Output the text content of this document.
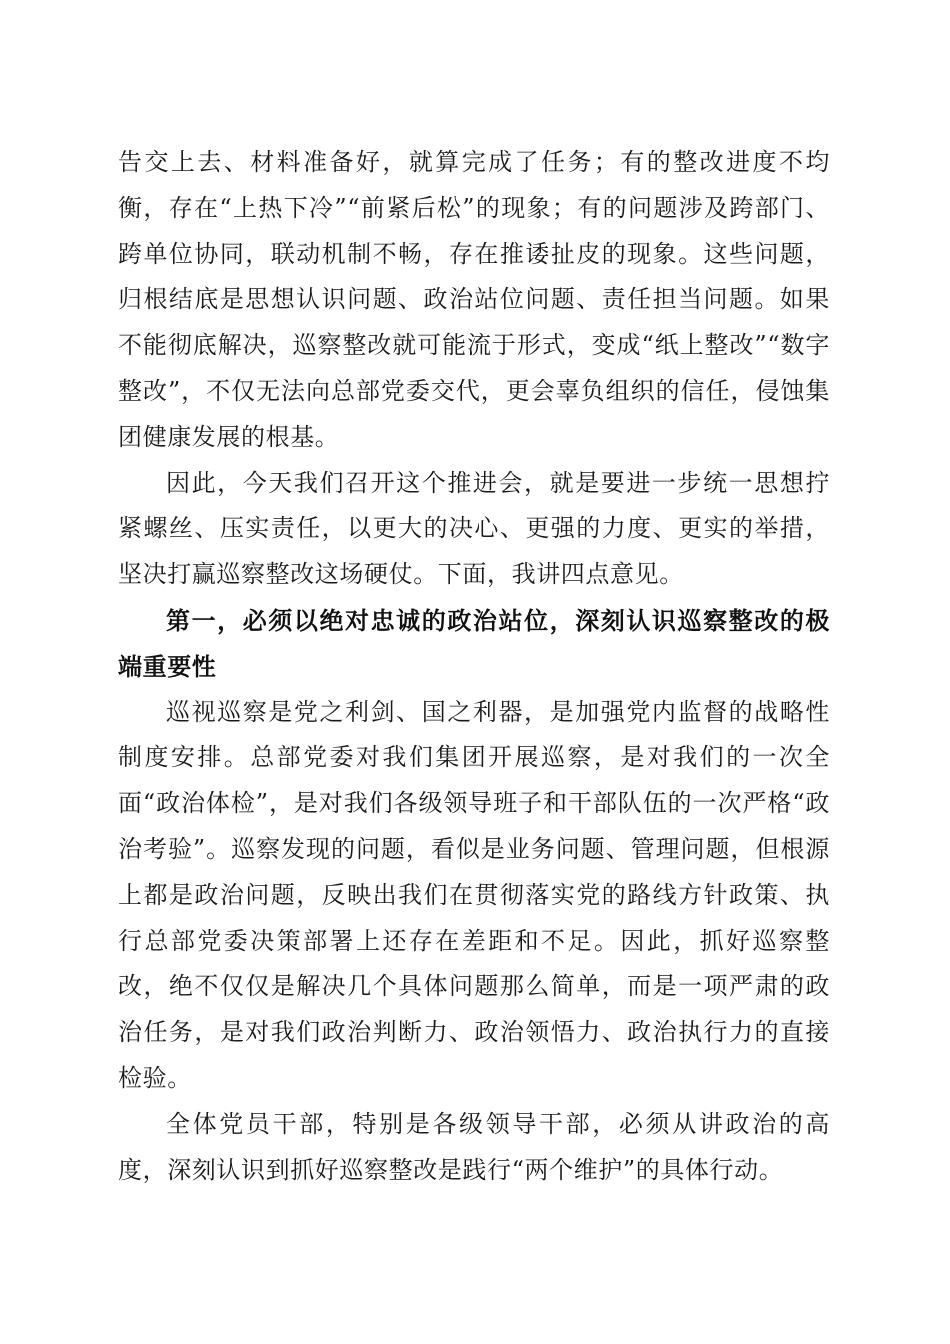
告交上去、材料准备好，就算完成了任务；有的整改进度不均衡，存在“上热下冷”“前紧后松”的现象；有的问题涉及跨部门、跨单位协同，联动机制不畅，存在推诿扯皮的现象。这些问题，归根结底是思想认识问题、政治站位问题、责任担当问题。如果不能彻底解决，巡察整改就可能流于形式，变成“纸上整改”“数字整改”，不仅无法向总部党委交代，更会辜负组织的信任，侵蚀集团健康发展的根基。

因此，今天我们召开这个推进会，就是要进一步统一思想拧紧螺丝、压实责任，以更大的决心、更强的力度、更实的举措，坚决打赢巡察整改这场硬仗。下面，我讲四点意见。

第一，必须以绝对忠诚的政治站位，深刻认识巡察整改的极端重要性

巡视巡察是党之利剑、国之利器，是加强党内监督的战略性制度安排。总部党委对我们集团开展巡察，是对我们的一次全面“政治体检”，是对我们各级领导班子和干部队伍的一次严格“政治考验”。巡察发现的问题，看似是业务问题、管理问题，但根源上都是政治问题，反映出我们在贯彻落实党的路线方针政策、执行总部党委决策部署上还存在差距和不足。因此，抓好巡察整改，绝不仅仅是解决几个具体问题那么简单，而是一项严肃的政治任务，是对我们政治判断力、政治领悟力、政治执行力的直接检验。

全体党员干部，特别是各级领导干部，必须从讲政治的高度，深刻认识到抓好巡察整改是践行“两个维护”的具体行动。
